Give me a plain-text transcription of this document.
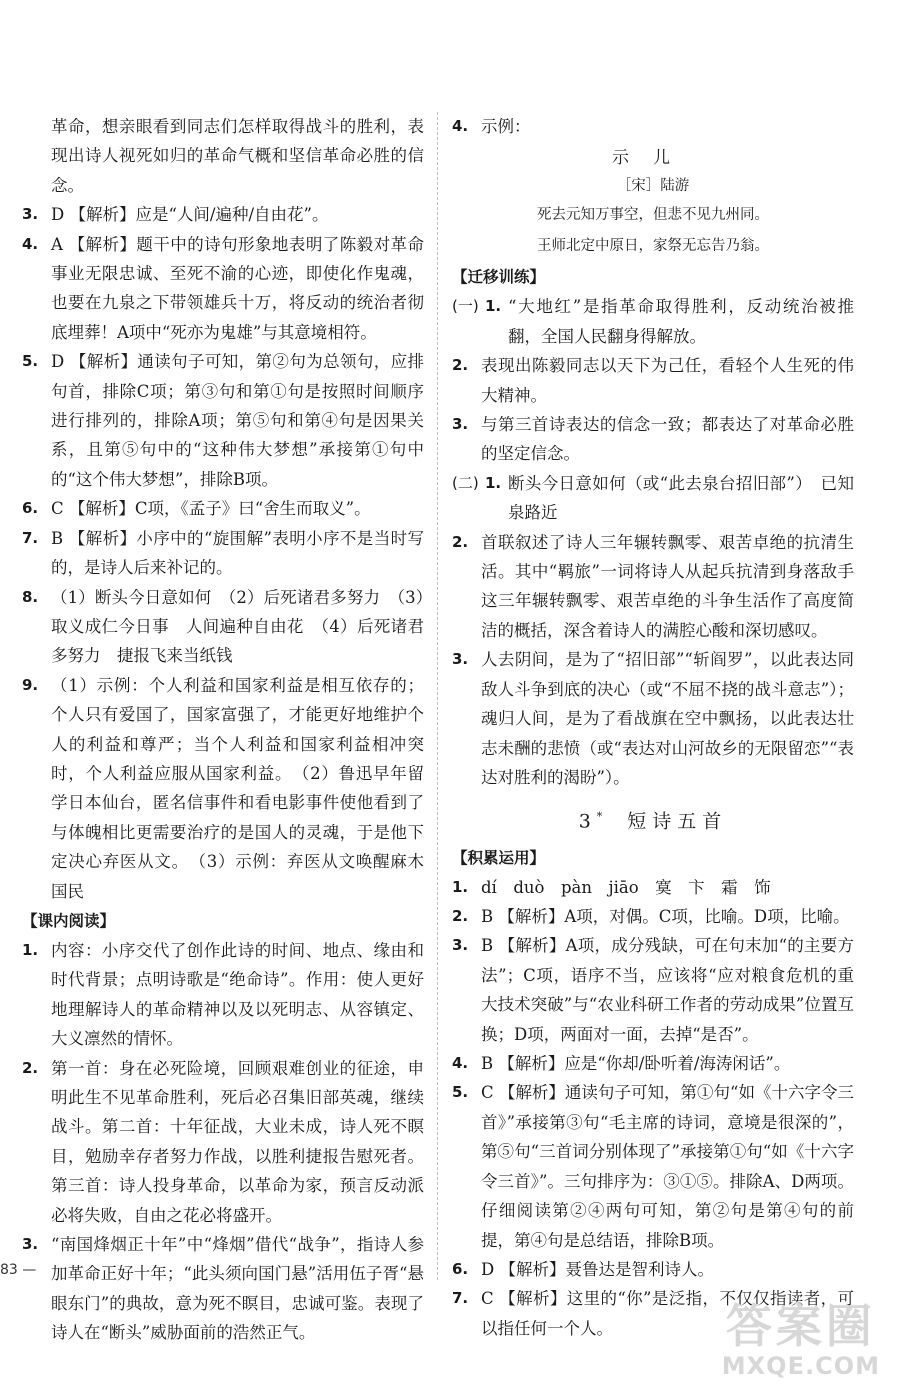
革命，想亲眼看到同志们怎样取得战斗的胜利，表现出诗人视死如归的革命气概和坚信革命必胜的信念。

3. D 【解析】应是“人间/遍种/自由花”。

4. A 【解析】题干中的诗句形象地表明了陈毅对革命事业无限忠诚、至死不渝的心迹，即使化作鬼魂，也要在九泉之下带领雄兵十万，将反动的统治者彻底埋葬！A项中“死亦为鬼雄”与其意境相符。

5. D 【解析】通读句子可知，第②句为总领句，应排句首，排除C项；第③句和第①句是按照时间顺序进行排列的，排除A项；第⑤句和第④句是因果关系，且第⑤句中的“这种伟大梦想”承接第①句中的“这个伟大梦想”，排除B项。

6. C 【解析】C项，《孟子》曰“舍生而取义”。

7. B 【解析】小序中的“旋围解”表明小序不是当时写的，是诗人后来补记的。

8. （1）断头今日意如何　（2）后死诸君多努力　（3）取义成仁今日事　人间遍种自由花　（4）后死诸君多努力　捷报飞来当纸钱

9. （1）示例：个人利益和国家利益是相互依存的；个人只有爱国了，国家富强了，才能更好地维护个人的利益和尊严；当个人利益和国家利益相冲突时，个人利益应服从国家利益。　（2）鲁迅早年留学日本仙台，匿名信事件和看电影事件使他看到了与体魄相比更需要治疗的是国人的灵魂，于是他下定决心弃医从文。　（3）示例：弃医从文唤醒麻木国民

【课内阅读】

1. 内容：小序交代了创作此诗的时间、地点、缘由和时代背景；点明诗歌是“绝命诗”。作用：使人更好地理解诗人的革命精神以及以死明志、从容镇定、大义凛然的情怀。

2. 第一首：身在必死险境，回顾艰难创业的征途，申明此生不见革命胜利，死后必召集旧部英魂，继续战斗。第二首：十年征战，大业未成，诗人死不瞑目，勉励幸存者努力作战，以胜利捷报告慰死者。第三首：诗人投身革命，以革命为家，预言反动派必将失败，自由之花必将盛开。

3. “南国烽烟正十年”中“烽烟”借代“战争”，指诗人参加革命正好十年；“此头须向国门悬”活用伍子胥“悬眼东门”的典故，意为死不瞑目，忠诚可鉴。表现了诗人在“断头”威胁面前的浩然正气。

4. 示例：

示儿

［宋］陆游

死去元知万事空，但悲不见九州同。

王师北定中原日，家祭无忘告乃翁。

【迁移训练】

(一) 1. “大地红”是指革命取得胜利，反动统治被推翻，全国人民翻身得解放。

2. 表现出陈毅同志以天下为己任，看轻个人生死的伟大精神。

3. 与第三首诗表达的信念一致；都表达了对革命必胜的坚定信念。

(二) 1. 断头今日意如何（或“此去泉台招旧部”）　已知泉路近

2. 首联叙述了诗人三年辗转飘零、艰苦卓绝的抗清生活。其中“羁旅”一词将诗人从起兵抗清到身落敌手这三年辗转飘零、艰苦卓绝的斗争生活作了高度简洁的概括，深含着诗人的满腔心酸和深切感叹。

3. 人去阴间，是为了“招旧部”“斩阎罗”，以此表达同敌人斗争到底的决心（或“不屈不挠的战斗意志”）；魂归人间，是为了看战旗在空中飘扬，以此表达壮志未酬的悲愤（或“表达对山河故乡的无限留恋”“表达对胜利的渴盼”）。

3*　 短诗五首

【积累运用】

1. dí　duò　pàn　jiāo　寞　卞　霜　饰

2. B 【解析】A项，对偶。C项，比喻。D项，比喻。

3. B 【解析】A项，成分残缺，可在句末加“的主要方法”；C项，语序不当，应该将“应对粮食危机的重大技术突破”与“农业科研工作者的劳动成果”位置互换；D项，两面对一面，去掉“是否”。

4. B 【解析】应是“你却/卧听着/海涛闲话”。

5. C 【解析】通读句子可知，第①句“如《十六字令三首》”承接第③句“毛主席的诗词，意境是很深的”，第⑤句“三首词分别体现了”承接第①句“如《十六字令三首》”。三句排序为：③①⑤。排除A、D两项。仔细阅读第②④两句可知，第②句是第④句的前提，第④句是总结语，排除B项。

6. D 【解析】聂鲁达是智利诗人。

7. C 【解析】这里的“你”是泛指，不仅仅指读者，可以指任何一个人。

83 —
答案圈
MXQE.COM
